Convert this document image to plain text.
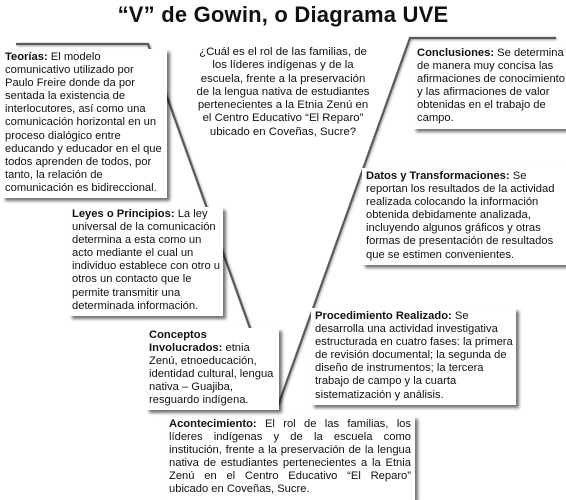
“V” de Gowin, o Diagrama UVE
¿Cuál es el rol de las familias, de los líderes indígenas y de la escuela, frente a la preservación de la lengua nativa de estudiantes pertenecientes a la Etnia Zenú en el Centro Educativo “El Reparo” ubicado en Coveñas, Sucre?
Teorías: El modelo comunicativo utilizado por Paulo Freire donde da por sentada la existencia de interlocutores, así como una comunicación horizontal en un proceso dialógico entre educando y educador en el que todos aprenden de todos, por tanto, la relación de comunicación es bidireccional.
Leyes o Principios: La ley universal de la comunicación determina a esta como un acto mediante el cual un individuo establece con otro u otros un contacto que le permite transmitir una determinada información.
Conceptos Involucrados: etnia Zenú, etnoeducación, identidad cultural, lengua nativa – Guajiba, resguardo indígena.
Conclusiones: Se determina de manera muy concisa las afirmaciones de conocimiento y las afirmaciones de valor obtenidas en el trabajo de campo.
Datos y Transformaciones: Se reportan los resultados de la actividad realizada colocando la información obtenida debidamente analizada, incluyendo algunos gráficos y otras formas de presentación de resultados que se estimen convenientes.
Procedimiento Realizado: Se desarrolla una actividad investigativa estructurada en cuatro fases: la primera de revisión documental; la segunda de diseño de instrumentos; la tercera trabajo de campo y la cuarta sistematización y análisis.
Acontecimiento: El rol de las familias, los líderes indígenas y de la escuela como institución, frente a la preservación de la lengua nativa de estudiantes pertenecientes a la Etnia Zenú en el Centro Educativo “El Reparo” ubicado en Coveñas, Sucre.
